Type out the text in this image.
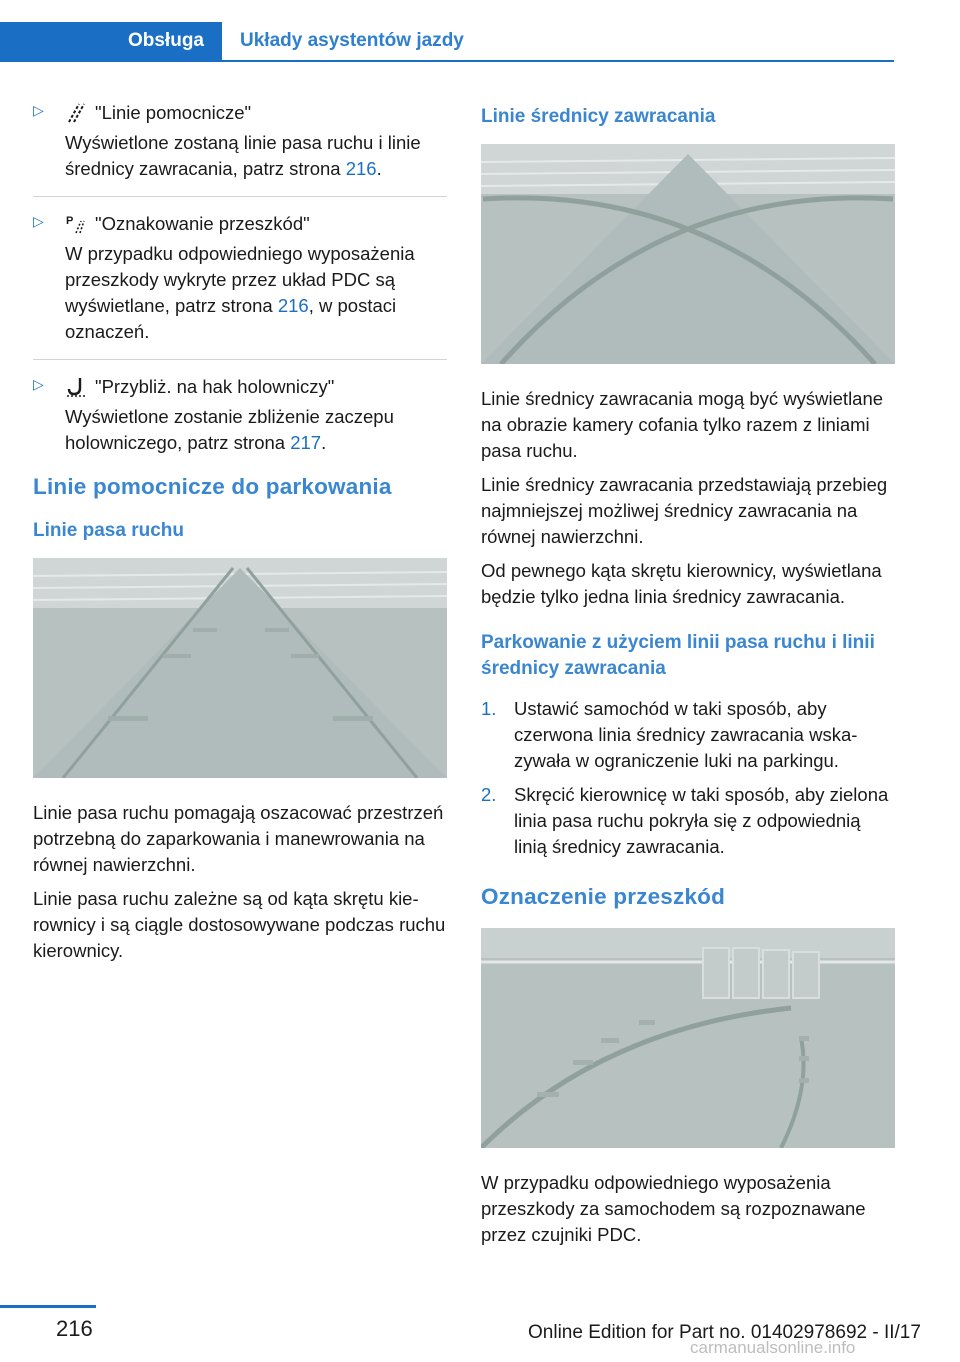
Obsługa Układy asystentów jazdy
▷	"Linie pomocnicze"
Wyświetlone zostaną linie pasa ruchu i linie średnicy zawracania, patrz strona 216.
▷ P "Oznakowanie przeszkód"
W przypadku odpowiedniego wyposażenia przeszkody wykryte przez układ PDC są wyświetlane, patrz strona 216, w postaci oznaczeń.
▷	"Przybliż. na hak holowniczy"
Wyświetlone zostanie zbliżenie zaczepu holowniczego, patrz strona 217.
Linie pomocnicze do parkowania
Linie pasa ruchu

Linie pasa ruchu pomagają oszacować przestrzeń potrzebną do zaparkowania i manewrowania na równej nawierzchni.

Linie pasa ruchu zależne są od kąta skrętu kierownicy i są ciągle dostosowywane podczas ruchu kierownicy.

Linie średnicy zawracania

Linie średnicy zawracania mogą być wyświetlane na obrazie kamery cofania tylko razem z liniami pasa ruchu.

Linie średnicy zawracania przedstawiają przebieg najmniejszej możliwej średnicy zawracania na równej nawierzchni.

Od pewnego kąta skrętu kierownicy, wyświetlana będzie tylko jedna linia średnicy zawracania.

Parkowanie z użyciem linii pasa ruchu i linii średnicy zawracania
1. Ustawić samochód w taki sposób, aby czerwona linia średnicy zawracania wskazywała w ograniczenie luki na parkingu.
2. Skręcić kierownicę w taki sposób, aby zielona linia pasa ruchu pokryła się z odpowiednią linią średnicy zawracania.
Oznaczenie przeszkód

W przypadku odpowiedniego wyposażenia przeszkody za samochodem są rozpoznawane przez czujniki PDC.

216	Online Edition for Part no. 01402978692 - II/17
carmanualsonline.info
